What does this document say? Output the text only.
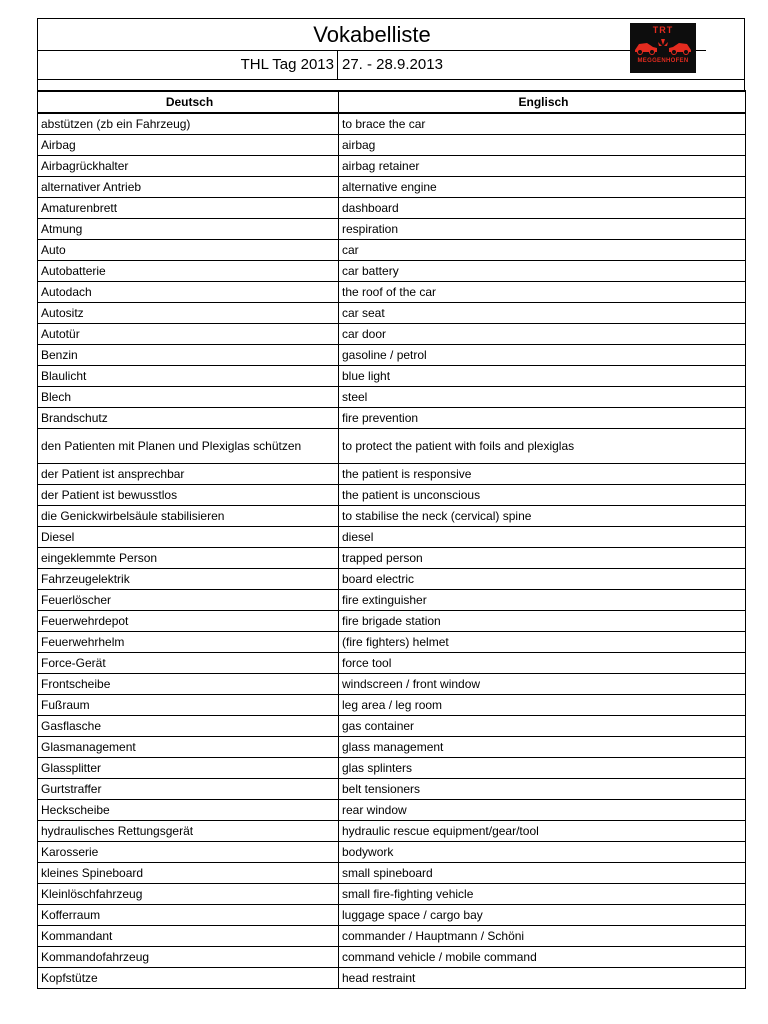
Vokabelliste
THL Tag 2013 27. - 28.9.2013
TRT
MEGGENHOFEN
Deutsch	Englisch
abstützen (zb ein Fahrzeug)	to brace the car
Airbag	airbag
Airbagrückhalter	airbag retainer
alternativer Antrieb	alternative engine
Amaturenbrett	dashboard
Atmung	respiration
Auto	car
Autobatterie	car battery
Autodach	the roof of the car
Autositz	car seat
Autotür	car door
Benzin	gasoline / petrol
Blaulicht	blue light
Blech	steel
Brandschutz	fire prevention
den Patienten mit Planen und Plexiglas schützen	to protect the patient with foils and plexiglas
der Patient ist ansprechbar	the patient is responsive
der Patient ist bewusstlos	the patient is unconscious
die Genickwirbelsäule stabilisieren	to stabilise the neck (cervical) spine
Diesel	diesel
eingeklemmte Person	trapped person
Fahrzeugelektrik	board electric
Feuerlöscher	fire extinguisher
Feuerwehrdepot	fire brigade station
Feuerwehrhelm	(fire fighters) helmet
Force-Gerät	force tool
Frontscheibe	windscreen / front window
Fußraum	leg area / leg room
Gasflasche	gas container
Glasmanagement	glass management
Glassplitter	glas splinters
Gurtstraffer	belt tensioners
Heckscheibe	rear window
hydraulisches Rettungsgerät	hydraulic rescue equipment/gear/tool
Karosserie	bodywork
kleines Spineboard	small spineboard
Kleinlöschfahrzeug	small fire-fighting vehicle
Kofferraum	luggage space / cargo bay
Kommandant	commander / Hauptmann / Schöni
Kommandofahrzeug	command vehicle / mobile command
Kopfstütze	head restraint
